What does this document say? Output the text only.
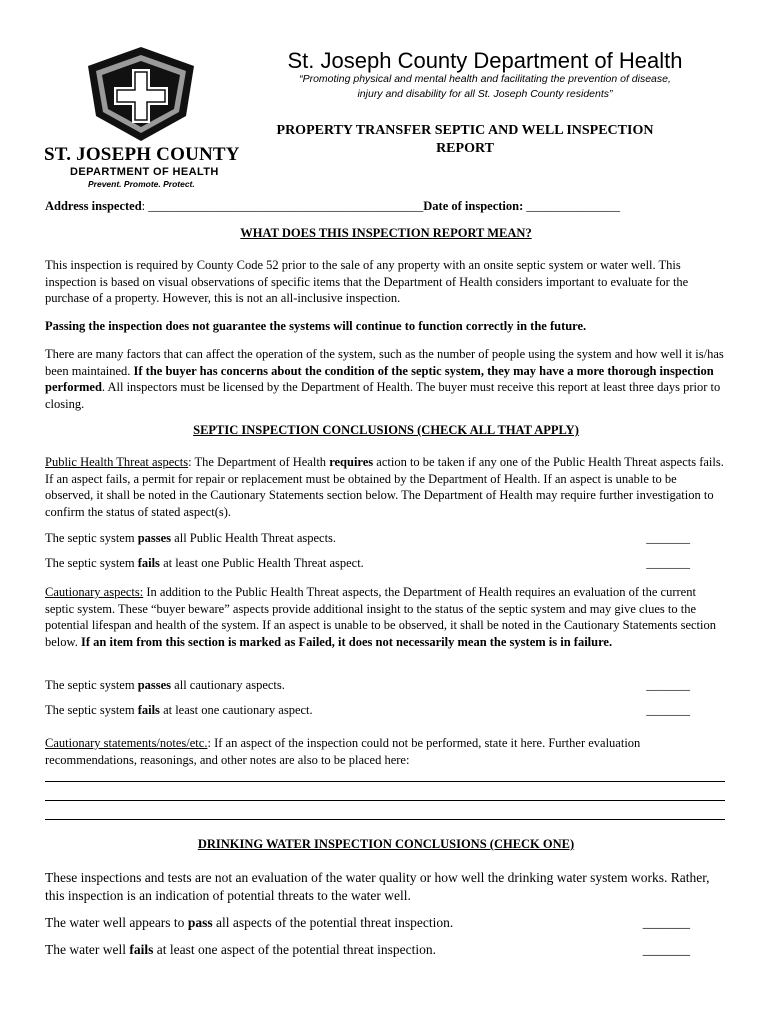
ST. JOSEPH COUNTY
DEPARTMENT OF HEALTH
Prevent. Promote. Protect.
St. Joseph County Department of Health
“Promoting physical and mental health and facilitating the prevention of disease, injury and disability for all St. Joseph County residents”
PROPERTY TRANSFER SEPTIC AND WELL INSPECTION REPORT
Address inspected: ____________________________________________Date of inspection: _______________
WHAT DOES THIS INSPECTION REPORT MEAN?
This inspection is required by County Code 52 prior to the sale of any property with an onsite septic system or water well. This inspection is based on visual observations of specific items that the Department of Health considers important to evaluate for the purchase of a property. However, this is not an all-inclusive inspection.
Passing the inspection does not guarantee the systems will continue to function correctly in the future.
There are many factors that can affect the operation of the system, such as the number of people using the system and how well it is/has been maintained. If the buyer has concerns about the condition of the septic system, they may have a more thorough inspection performed. All inspectors must be licensed by the Department of Health. The buyer must receive this report at least three days prior to closing.
SEPTIC INSPECTION CONCLUSIONS (CHECK ALL THAT APPLY)
Public Health Threat aspects: The Department of Health requires action to be taken if any one of the Public Health Threat aspects fails. If an aspect fails, a permit for repair or replacement must be obtained by the Department of Health. If an aspect is unable to be observed, it shall be noted in the Cautionary Statements section below. The Department of Health may require further investigation to confirm the status of stated aspect(s).
The septic system passes all Public Health Threat aspects.	_______
The septic system fails at least one Public Health Threat aspect.	_______
Cautionary aspects: In addition to the Public Health Threat aspects, the Department of Health requires an evaluation of the current septic system. These “buyer beware” aspects provide additional insight to the status of the septic system and may give clues to the potential lifespan and health of the system. If an aspect is unable to be observed, it shall be noted in the Cautionary Statements section below. If an item from this section is marked as Failed, it does not necessarily mean the system is in failure.
The septic system passes all cautionary aspects.	_______
The septic system fails at least one cautionary aspect.	_______
Cautionary statements/notes/etc.: If an aspect of the inspection could not be performed, state it here. Further evaluation recommendations, reasonings, and other notes are also to be placed here:
DRINKING WATER INSPECTION CONCLUSIONS (CHECK ONE)
These inspections and tests are not an evaluation of the water quality or how well the drinking water system works. Rather, this inspection is an indication of potential threats to the water well.
The water well appears to pass all aspects of the potential threat inspection.	_______
The water well fails at least one aspect of the potential threat inspection.	_______
